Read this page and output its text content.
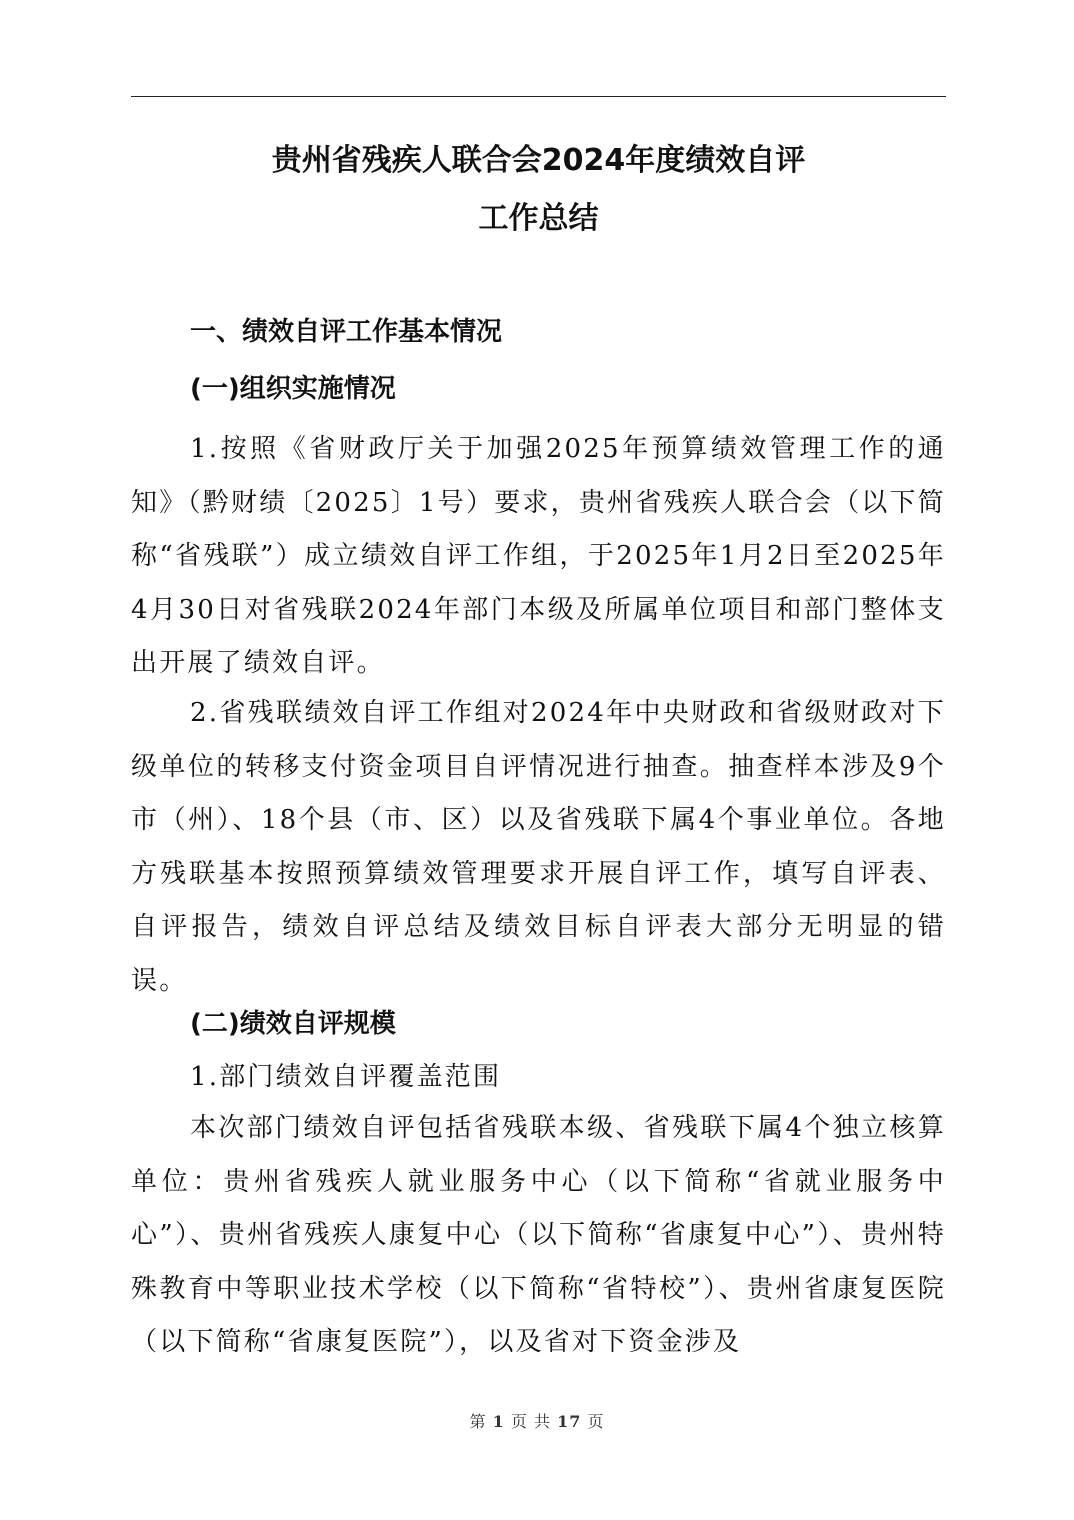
贵州省残疾人联合会2024年度绩效自评
工作总结
一、绩效自评工作基本情况
(一)组织实施情况
1.按照《省财政厅关于加强2025年预算绩效管理工作的通知》（黔财绩〔2025〕1号）要求，贵州省残疾人联合会（以下简称“省残联”）成立绩效自评工作组，于2025年1月2日至2025年4月30日对省残联2024年部门本级及所属单位项目和部门整体支出开展了绩效自评。
2.省残联绩效自评工作组对2024年中央财政和省级财政对下级单位的转移支付资金项目自评情况进行抽查。抽查样本涉及9个市（州）、18个县（市、区）以及省残联下属4个事业单位。各地方残联基本按照预算绩效管理要求开展自评工作，填写自评表、自评报告，绩效自评总结及绩效目标自评表大部分无明显的错误。
(二)绩效自评规模
1.部门绩效自评覆盖范围
本次部门绩效自评包括省残联本级、省残联下属4个独立核算单位：贵州省残疾人就业服务中心（以下简称“省就业服务中心”）、贵州省残疾人康复中心（以下简称“省康复中心”）、贵州特殊教育中等职业技术学校（以下简称“省特校”）、贵州省康复医院（以下简称“省康复医院”），以及省对下资金涉及
第 1 页 共 17 页
